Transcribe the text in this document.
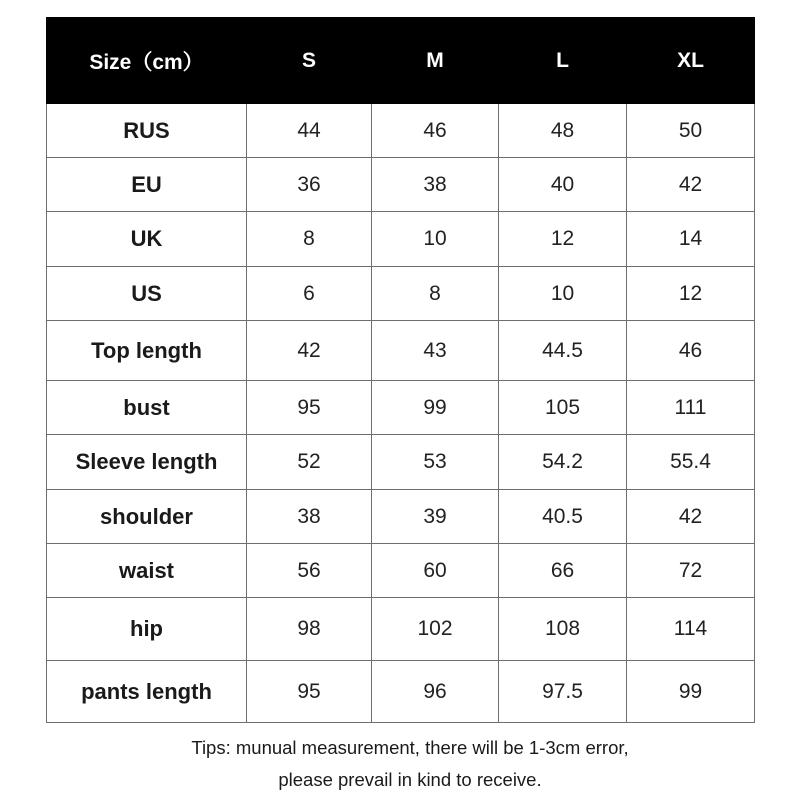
Size（cm）	S	M	L	XL
RUS	44	46	48	50
EU	36	38	40	42
UK	8	10	12	14
US	6	8	10	12
Top length	42	43	44.5	46
bust	95	99	105	111
Sleeve length	52	53	54.2	55.4
shoulder	38	39	40.5	42
waist	56	60	66	72
hip	98	102	108	114
pants length	95	96	97.5	99
Tips: munual measurement, there will be 1-3cm error,
please prevail in kind to receive.
